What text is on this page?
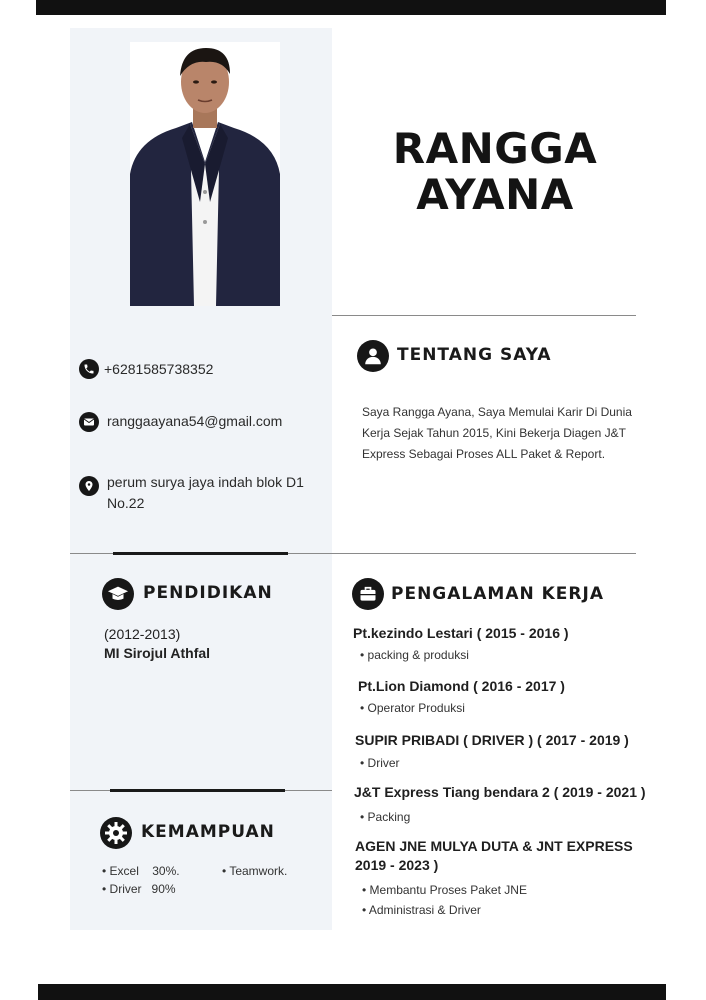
RANGGA
AYANA
+6281585738352
ranggaayana54@gmail.com
perum surya jaya indah blok D1 No.22
TENTANG SAYA
Saya Rangga Ayana, Saya Memulai Karir Di Dunia Kerja Sejak Tahun 2015, Kini Bekerja Diagen J&T Express Sebagai Proses ALL Paket & Report.
PENDIDIKAN
(2012-2013)
MI Sirojul Athfal
KEMAMPUAN
• Excel    30%.
• Driver   90%
• Teamwork.
PENGALAMAN KERJA
Pt.kezindo Lestari ( 2015 - 2016 )
• packing & produksi
Pt.Lion Diamond ( 2016 - 2017 )
• Operator Produksi
SUPIR PRIBADI ( DRIVER ) ( 2017 - 2019 )
• Driver
J&T Express Tiang bendara 2 ( 2019 - 2021 )
• Packing
AGEN JNE MULYA DUTA & JNT EXPRESS 2019 - 2023 )
• Membantu Proses Paket JNE
• Administrasi & Driver
